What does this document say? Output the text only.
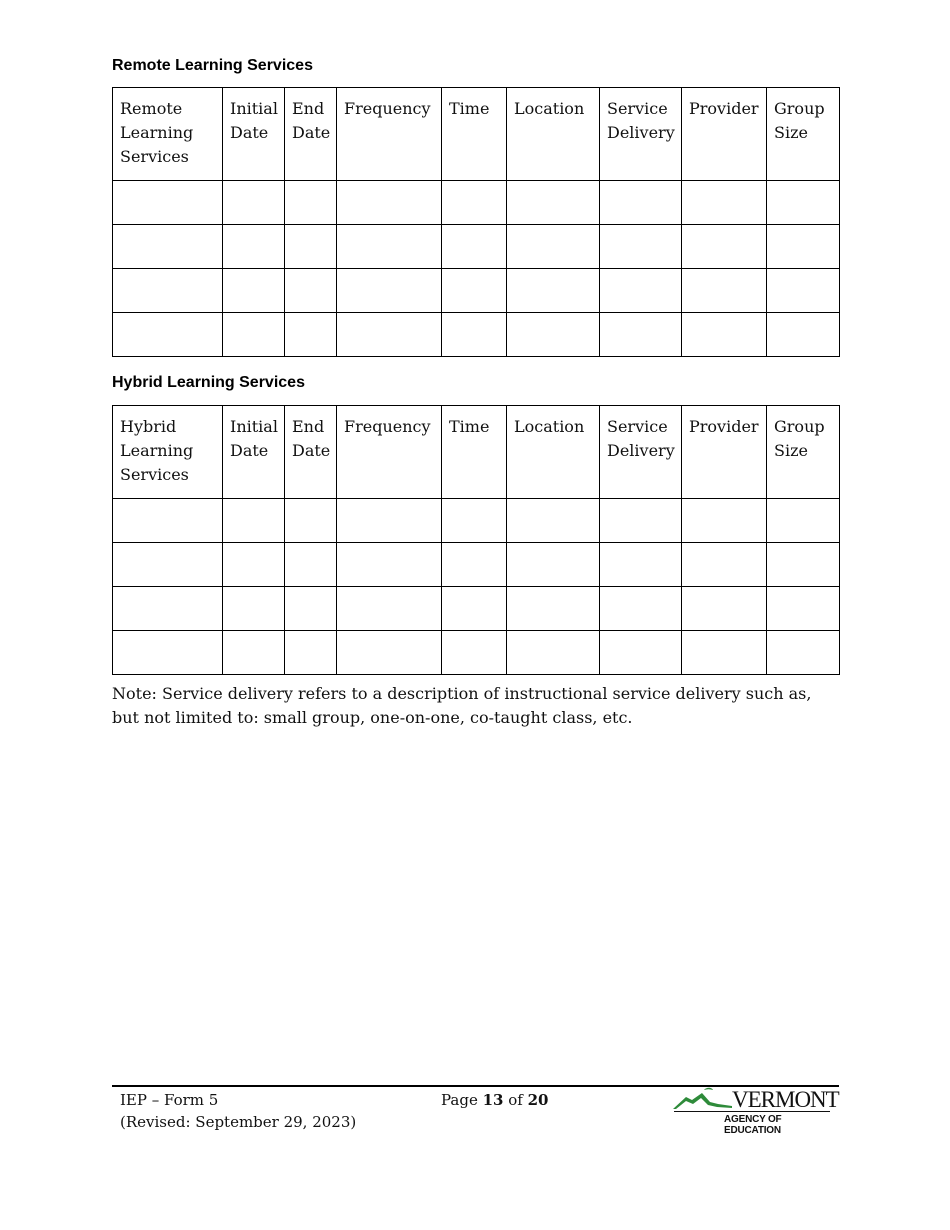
Remote Learning Services
Remote Learning Services	Initial Date	End Date	Frequency	Time	Location	Service Delivery	Provider	Group Size

Hybrid Learning Services
Hybrid Learning Services	Initial Date	End Date	Frequency	Time	Location	Service Delivery	Provider	Group Size

Note: Service delivery refers to a description of instructional service delivery such as, but not limited to: small group, one-on-one, co-taught class, etc.

IEP – Form 5
(Revised: September 29, 2023)
Page 13 of 20	VERMONT
AGENCY OF EDUCATION
